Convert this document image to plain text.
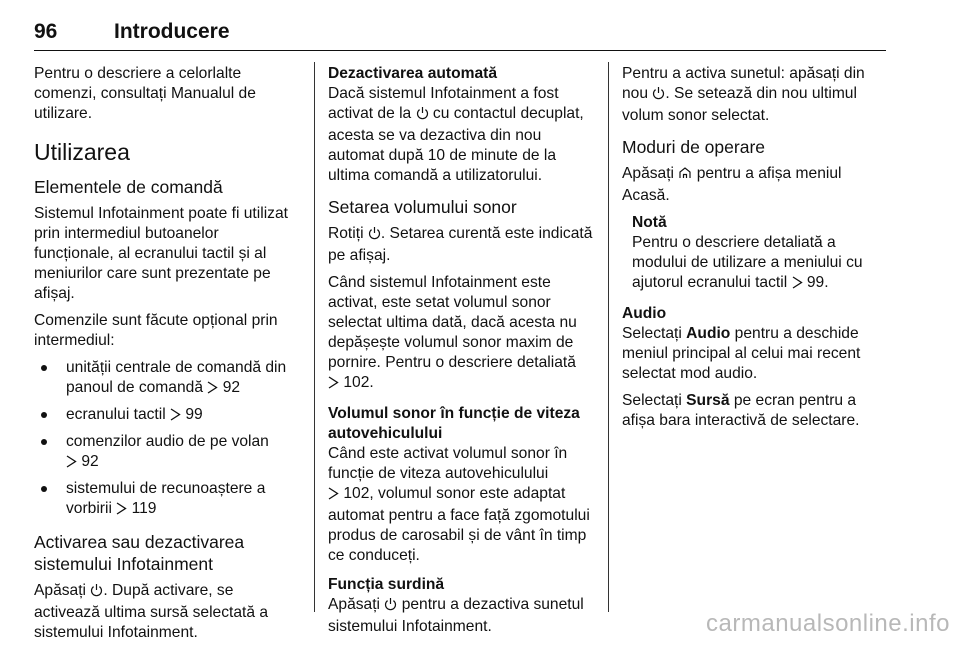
96	Introducere

Pentru o descriere a celorlalte comenzi, consultați Manualul de utilizare.

Utilizarea
Elementele de comandă

Sistemul Infotainment poate fi utilizat prin intermediul butoanelor funcționale, al ecranului tactil și al meniurilor care sunt prezentate pe afișaj.

Comenzile sunt făcute opțional prin intermediul:

unității centrale de comandă din panoul de comandă 92
ecranului tactil 99
comenzilor audio de pe volan
92
sistemului de recunoaștere a vorbirii 119
Activarea sau dezactivarea sistemului Infotainment

Apăsați . După activare, se activează ultima sursă selectată a sistemului Infotainment.

Dezactivarea automată

Dacă sistemul Infotainment a fost activat de la cu contactul decuplat, acesta se va dezactiva din nou automat după 10 de minute de la ultima comandă a utilizatorului.

Setarea volumului sonor

Rotiți . Setarea curentă este indicată pe afișaj.

Când sistemul Infotainment este activat, este setat volumul sonor selectat ultima dată, dacă acesta nu depășește volumul sonor maxim de pornire. Pentru o descriere detaliată
102.

Volumul sonor în funcție de viteza autovehiculului

Când este activat volumul sonor în funcție de viteza autovehiculului
102, volumul sonor este adaptat automat pentru a face față zgomotului produs de carosabil și de vânt în timp ce conduceți.

Funcția surdină

Apăsați pentru a dezactiva sunetul sistemului Infotainment.

Pentru a activa sunetul: apăsați din nou . Se setează din nou ultimul volum sonor selectat.

Moduri de operare

Apăsați pentru a afișa meniul Acasă.

Notă
Pentru o descriere detaliată a modului de utilizare a meniului cu ajutorul ecranului tactil 99.
Audio

Selectați Audio pentru a deschide meniul principal al celui mai recent selectat mod audio.

Selectați Sursă pe ecran pentru a afișa bara interactivă de selectare.

carmanualsonline.info
